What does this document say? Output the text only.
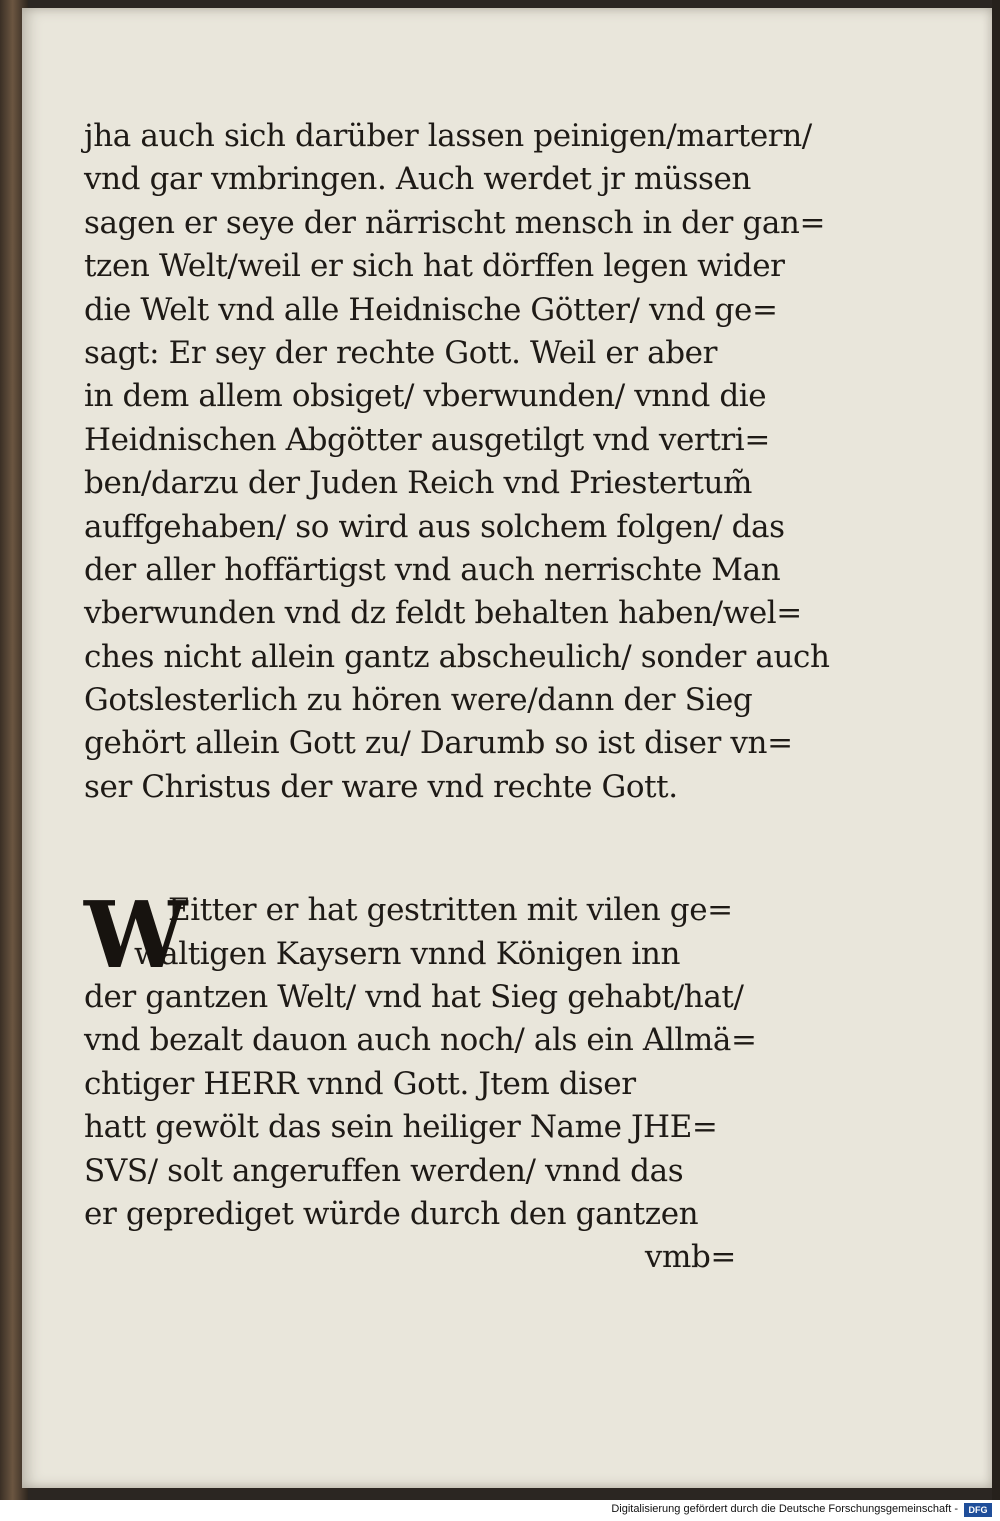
jha auch sich darüber lassen peinigen/martern/
vnd gar vmbringen. Auch werdet jr müssen
sagen er seye der närrischt mensch in der gan=
tzen Welt/weil er sich hat dörffen legen wider
die Welt vnd alle Heidnische Götter/ vnd ge=
sagt: Er sey der rechte Gott. Weil er aber
in dem allem obsiget/ vberwunden/ vnnd die
Heidnischen Abgötter ausgetilgt vnd vertri=
ben/darzu der Juden Reich vnd Priestertum̃
auffgehaben/ so wird aus solchem folgen/ das
der aller hoffärtigst vnd auch nerrischte Man
vberwunden vnd dz feldt behalten haben/wel=
ches nicht allein gantz abscheulich/ sonder auch
Gotslesterlich zu hören were/dann der Sieg
gehört allein Gott zu/ Darumb so ist diser vn=
ser Christus der ware vnd rechte Gott.
W
Eitter er hat gestritten mit vilen ge=
waltigen Kaysern vnnd Königen inn
der gantzen Welt/ vnd hat Sieg gehabt/hat/
vnd bezalt dauon auch noch/ als ein Allmä=
chtiger HERR vnnd Gott. Jtem diser
hatt gewölt das sein heiliger Name JHE=
SVS/ solt angeruffen werden/ vnnd das
er geprediget würde durch den gantzen
vmb=
Digitalisierung gefördert durch die Deutsche Forschungsgemeinschaft -	DFG
